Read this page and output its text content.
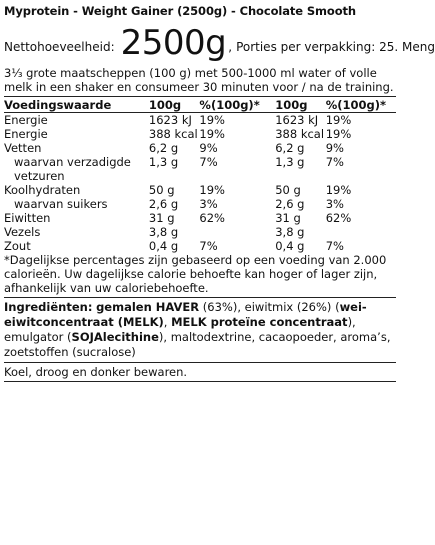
Myprotein - Weight Gainer (2500g) - Chocolate Smooth
Nettohoeveelheid: 2500g , Porties per verpakking: 25. Meng
3⅓ grote maatscheppen (100 g) met 500-1000 ml water of volle melk in een shaker en consumeer 30 minuten voor / na de training.
Voedingswaarde	100g	%(100g)*	100g	%(100g)*
Energie	1623 kJ	19%	1623 kJ	19%
Energie	388 kcal	19%	388 kcal	19%
Vetten	6,2 g	9%	6,2 g	9%
waarvan verzadigde vetzuren	1,3 g	7%	1,3 g	7%
Koolhydraten	50 g	19%	50 g	19%
waarvan suikers	2,6 g	3%	2,6 g	3%
Eiwitten	31 g	62%	31 g	62%
Vezels	3,8 g		3,8 g	
Zout	0,4 g	7%	0,4 g	7%
*Dagelijkse percentages zijn gebaseerd op een voeding van 2.000 calorieën. Uw dagelijkse calorie behoefte kan hoger of lager zijn, afhankelijk van uw caloriebehoefte.
Ingrediënten: gemalen HAVER (63%), eiwitmix (26%) (wei-eiwitconcentraat (MELK), MELK proteïne concentraat), emulgator (SOJAlecithine), maltodextrine, cacaopoeder, aroma’s, zoetstoffen (sucralose)
Koel, droog en donker bewaren.
